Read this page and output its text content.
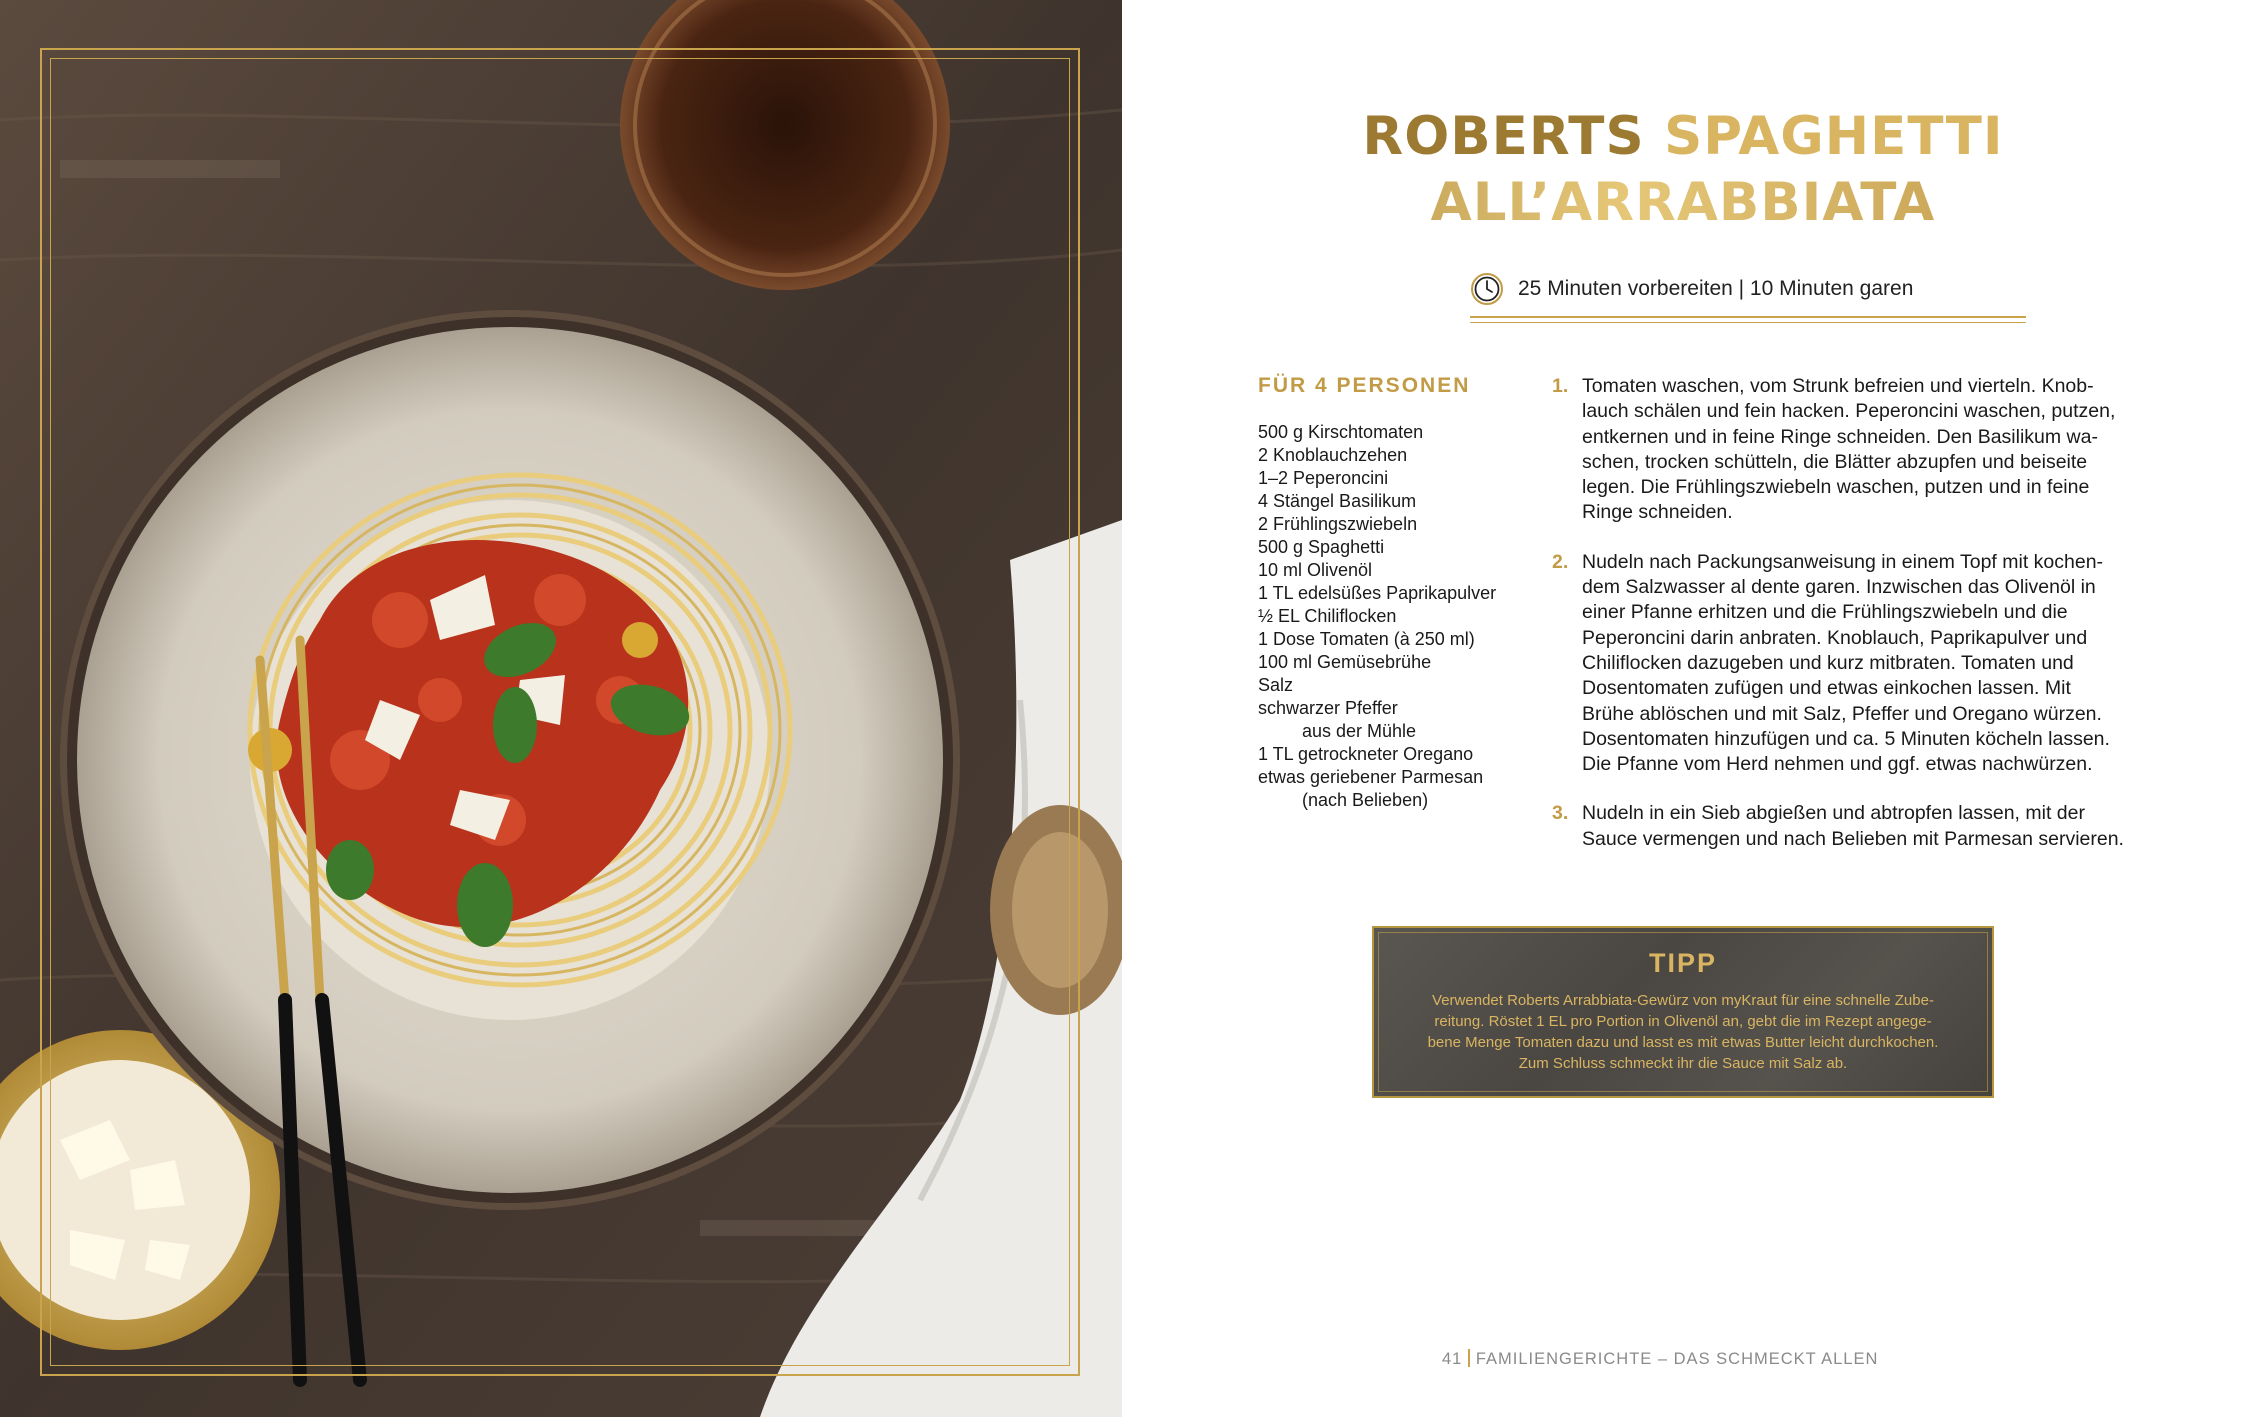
ROBERTS SPAGHETTI
ALL’ARRABBIATA
25 Minuten vorbereiten | 10 Minuten garen
FÜR 4 PERSONEN
500 g Kirschtomaten
2 Knoblauchzehen
1–2 Peperoncini
4 Stängel Basilikum
2 Frühlingszwiebeln
500 g Spaghetti
10 ml Olivenöl
1 TL edelsüßes Paprikapulver
½ EL Chiliflocken
1 Dose Tomaten (à 250 ml)
100 ml Gemüsebrühe
Salz
schwarzer Pfeffer
aus der Mühle
1 TL getrockneter Oregano
etwas geriebener Parmesan
(nach Belieben)
1. Tomaten waschen, vom Strunk befreien und vierteln. Knob-
lauch schälen und fein hacken. Peperoncini waschen, putzen,
entkernen und in feine Ringe schneiden. Den Basilikum wa-
schen, trocken schütteln, die Blätter abzupfen und beiseite
legen. Die Frühlingszwiebeln waschen, putzen und in feine
Ringe schneiden.
2. Nudeln nach Packungsanweisung in einem Topf mit kochen-
dem Salzwasser al dente garen. Inzwischen das Olivenöl in
einer Pfanne erhitzen und die Frühlingszwiebeln und die
Peperoncini darin anbraten. Knoblauch, Paprikapulver und
Chiliflocken dazugeben und kurz mitbraten. Tomaten und
Dosentomaten zufügen und etwas einkochen lassen. Mit
Brühe ablöschen und mit Salz, Pfeffer und Oregano würzen.
Dosentomaten hinzufügen und ca. 5 Minuten köcheln lassen.
Die Pfanne vom Herd nehmen und ggf. etwas nachwürzen.
3. Nudeln in ein Sieb abgießen und abtropfen lassen, mit der
Sauce vermengen und nach Belieben mit Parmesan servieren.
TIPP
Verwendet Roberts Arrabbiata-Gewürz von myKraut für eine schnelle Zube-
reitung. Röstet 1 EL pro Portion in Olivenöl an, gebt die im Rezept angege-
bene Menge Tomaten dazu und lasst es mit etwas Butter leicht durchkochen.
Zum Schluss schmeckt ihr die Sauce mit Salz ab.
41 FAMILIENGERICHTE – DAS SCHMECKT ALLEN
